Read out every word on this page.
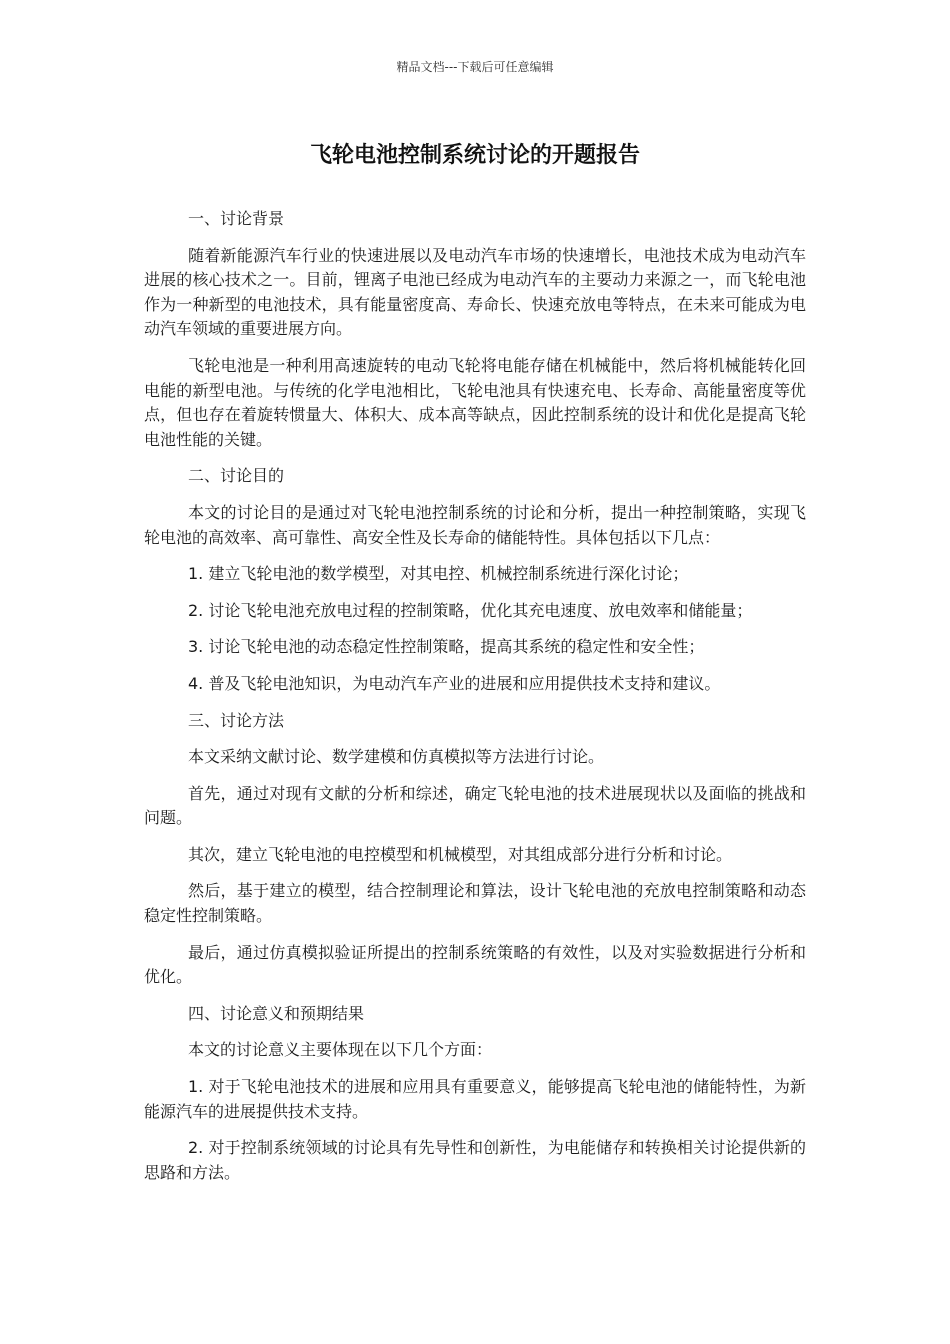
精品文档---下载后可任意编辑
飞轮电池控制系统讨论的开题报告

一、讨论背景

随着新能源汽车行业的快速进展以及电动汽车市场的快速增长，电池技术成为电动汽车进展的核心技术之一。目前，锂离子电池已经成为电动汽车的主要动力来源之一，而飞轮电池作为一种新型的电池技术，具有能量密度高、寿命长、快速充放电等特点，在未来可能成为电动汽车领域的重要进展方向。

飞轮电池是一种利用高速旋转的电动飞轮将电能存储在机械能中，然后将机械能转化回电能的新型电池。与传统的化学电池相比，飞轮电池具有快速充电、长寿命、高能量密度等优点，但也存在着旋转惯量大、体积大、成本高等缺点，因此控制系统的设计和优化是提高飞轮电池性能的关键。

二、讨论目的

本文的讨论目的是通过对飞轮电池控制系统的讨论和分析，提出一种控制策略，实现飞轮电池的高效率、高可靠性、高安全性及长寿命的储能特性。具体包括以下几点：

1. 建立飞轮电池的数学模型，对其电控、机械控制系统进行深化讨论；

2. 讨论飞轮电池充放电过程的控制策略，优化其充电速度、放电效率和储能量；

3. 讨论飞轮电池的动态稳定性控制策略，提高其系统的稳定性和安全性；

4. 普及飞轮电池知识，为电动汽车产业的进展和应用提供技术支持和建议。

三、讨论方法

本文采纳文献讨论、数学建模和仿真模拟等方法进行讨论。

首先，通过对现有文献的分析和综述，确定飞轮电池的技术进展现状以及面临的挑战和问题。

其次，建立飞轮电池的电控模型和机械模型，对其组成部分进行分析和讨论。

然后，基于建立的模型，结合控制理论和算法，设计飞轮电池的充放电控制策略和动态稳定性控制策略。

最后，通过仿真模拟验证所提出的控制系统策略的有效性，以及对实验数据进行分析和优化。

四、讨论意义和预期结果

本文的讨论意义主要体现在以下几个方面：

1. 对于飞轮电池技术的进展和应用具有重要意义，能够提高飞轮电池的储能特性，为新能源汽车的进展提供技术支持。

2. 对于控制系统领域的讨论具有先导性和创新性，为电能储存和转换相关讨论提供新的思路和方法。
